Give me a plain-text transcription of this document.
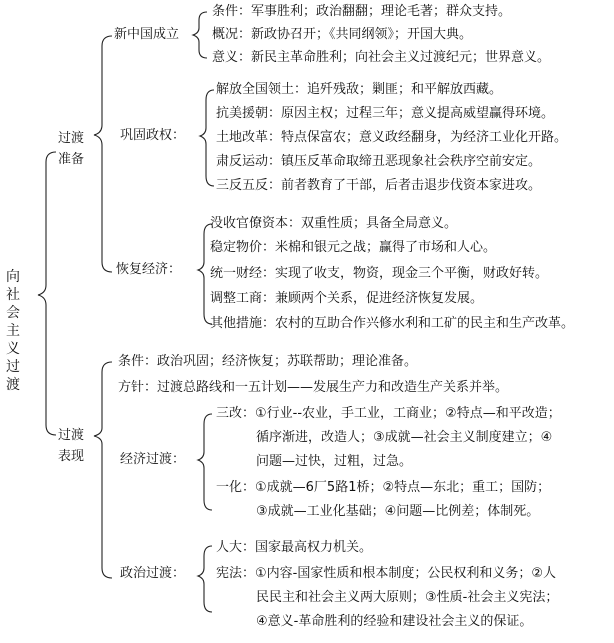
向社会主义过渡
过渡
准备
新中国成立
条件：军事胜利；政治翻翻；理论毛著；群众支持。
概况：新政协召开；《共同纲领》；开国大典。
意义：新民主革命胜利；向社会主义过渡纪元；世界意义。
巩固政权：
解放全国领土：追歼残敌；剿匪；和平解放西藏。
抗美援朝：原因主权；过程三年；意义提高威望赢得环境。
土地改革：特点保富农；意义政经翻身，为经济工业化开路。
肃反运动：镇压反革命取缔丑恶现象社会秩序空前安定。
三反五反：前者教育了干部，后者击退步伐资本家进攻。
恢复经济：
没收官僚资本：双重性质；具备全局意义。
稳定物价：米棉和银元之战；赢得了市场和人心。
统一财经：实现了收支，物资，现金三个平衡，财政好转。
调整工商：兼顾两个关系，促进经济恢复发展。
其他措施：农村的互助合作兴修水利和工矿的民主和生产改革。
过渡
表现
条件：政治巩固；经济恢复；苏联帮助；理论准备。
方针：过渡总路线和一五计划——发展生产力和改造生产关系并举。
经济过渡：
三改：①行业--农业，手工业，工商业；②特点—和平改造；
循序渐进，改造人；③成就—社会主义制度建立；④
问题—过快，过粗，过急。
一化：①成就—6厂5路1桥；②特点—东北；重工；国防；
③成就—工业化基础；④问题—比例差；体制死。
政治过渡：
人大：国家最高权力机关。
宪法：①内容-国家性质和根本制度；公民权利和义务；②人
民民主和社会主义两大原则；③性质-社会主义宪法；
④意义-革命胜利的经验和建设社会主义的保证。
